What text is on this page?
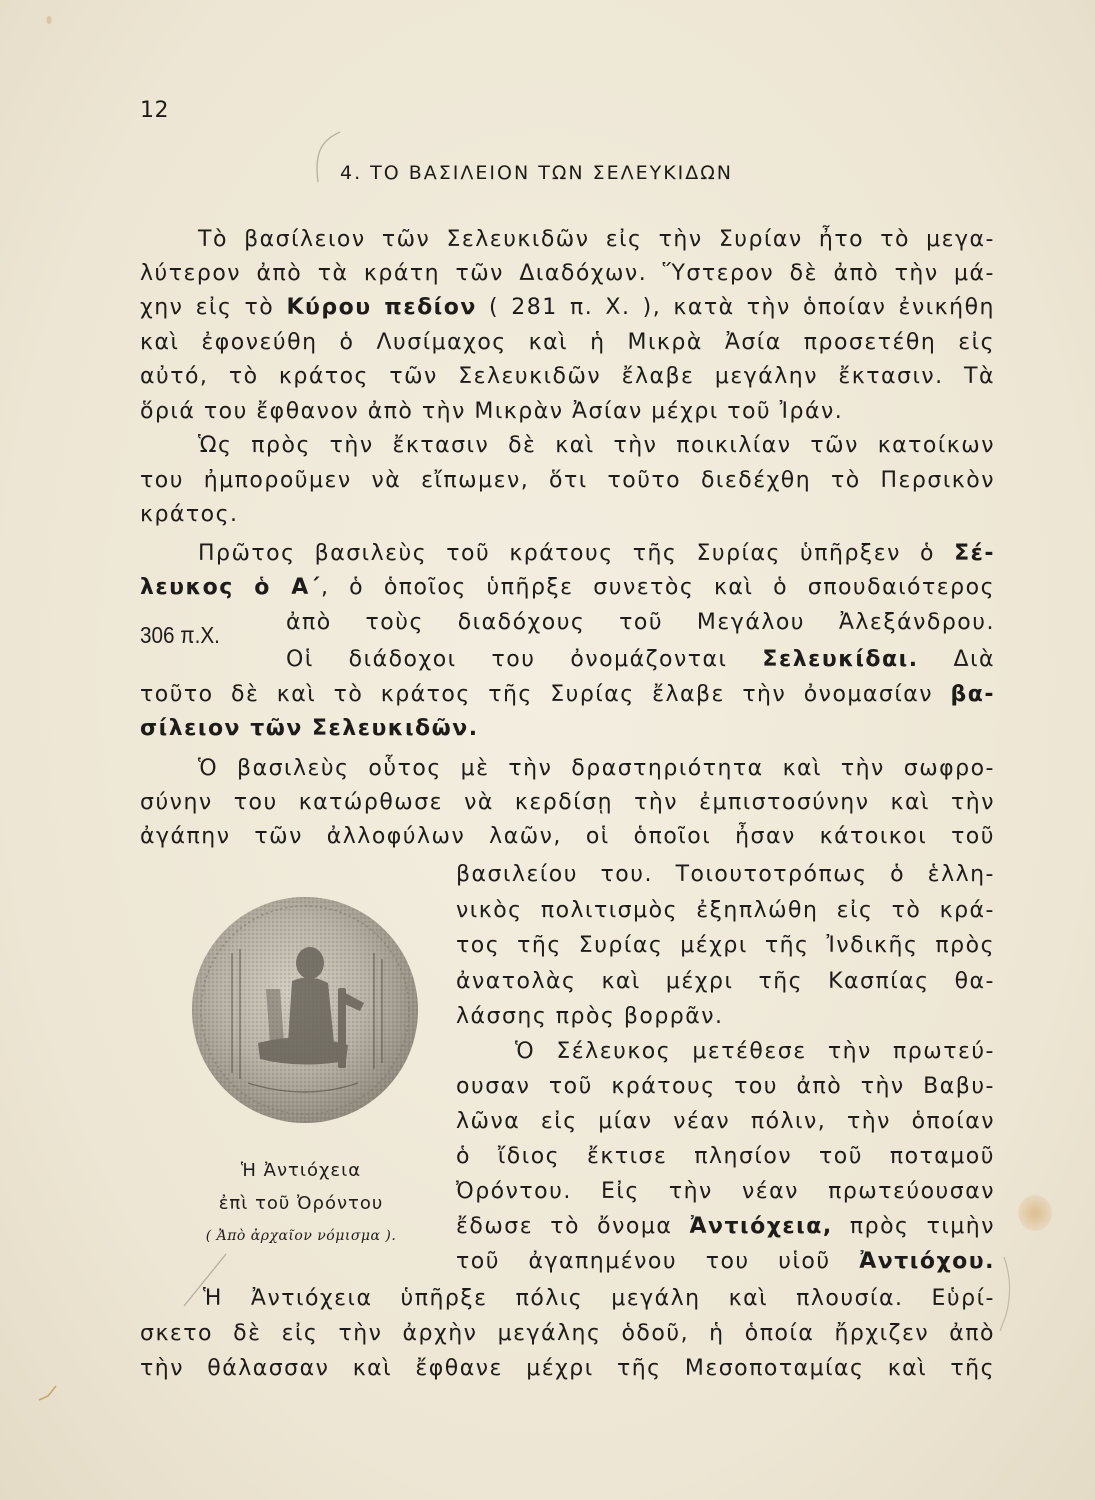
12
4. ΤΟ ΒΑΣΙΛΕΙΟΝ ΤΩΝ ΣΕΛΕΥΚΙΔΩΝ
Τὸ βασίλειον τῶν Σελευκιδῶν εἰς τὴν Συρίαν ἦτο τὸ μεγα-
λύτερον ἀπὸ τὰ κράτη τῶν Διαδόχων. Ὕστερον δὲ ἀπὸ τὴν μά-
χην εἰς τὸ Κύρου πεδίον ( 281 π. Χ. ), κατὰ τὴν ὁποίαν ἐνικήθη
καὶ ἐφονεύθη ὁ Λυσίμαχος καὶ ἡ Μικρὰ Ἀσία προσετέθη εἰς
αὐτό, τὸ κράτος τῶν Σελευκιδῶν ἔλαβε μεγάλην ἔκτασιν. Τὰ
ὅριά του ἔφθανον ἀπὸ τὴν Μικρὰν Ἀσίαν μέχρι τοῦ Ἰράν.
Ὡς πρὸς τὴν ἔκτασιν δὲ καὶ τὴν ποικιλίαν τῶν κατοίκων
του ἠμποροῦμεν νὰ εἴπωμεν, ὅτι τοῦτο διεδέχθη τὸ Περσικὸν
κράτος.
Πρῶτος βασιλεὺς τοῦ κράτους τῆς Συρίας ὑπῆρξεν ὁ Σέ-
λευκος ὁ Α΄, ὁ ὁποῖος ὑπῆρξε συνετὸς καὶ ὁ σπουδαιότερος
306 π.Χ.	ἀπὸ τοὺς διαδόχους τοῦ Μεγάλου Ἀλεξάνδρου.
Οἱ διάδοχοι του ὀνομάζονται Σελευκίδαι. Διὰ
τοῦτο δὲ καὶ τὸ κράτος τῆς Συρίας ἔλαβε τὴν ὀνομασίαν βα-
σίλειον τῶν Σελευκιδῶν.
Ὁ βασιλεὺς οὗτος μὲ τὴν δραστηριότητα καὶ τὴν σωφρο-
σύνην του κατώρθωσε νὰ κερδίσῃ τὴν ἐμπιστοσύνην καὶ τὴν
ἀγάπην τῶν ἀλλοφύλων λαῶν, οἱ ὁποῖοι ἦσαν κάτοικοι τοῦ
βασιλείου του. Τοιουτοτρόπως ὁ ἑλλη-
νικὸς πολιτισμὸς ἐξηπλώθη εἰς τὸ κρά-
τος τῆς Συρίας μέχρι τῆς Ἰνδικῆς πρὸς
ἀνατολὰς καὶ μέχρι τῆς Κασπίας θα-
λάσσης πρὸς βορρᾶν.
Ὁ Σέλευκος μετέθεσε τὴν πρωτεύ-
ουσαν τοῦ κράτους του ἀπὸ τὴν Βαβυ-
λῶνα εἰς μίαν νέαν πόλιν, τὴν ὁποίαν
ὁ ἴδιος ἔκτισε πλησίον τοῦ ποταμοῦ
Ὀρόντου. Εἰς τὴν νέαν πρωτεύουσαν
ἔδωσε τὸ ὄνομα Ἀντιόχεια, πρὸς τιμὴν
τοῦ ἀγαπημένου του υἱοῦ Ἀντιόχου.
Ἡ Ἀντιόχεια ὑπῆρξε πόλις μεγάλη καὶ πλουσία. Εὑρί-
σκετο δὲ εἰς τὴν ἀρχὴν μεγάλης ὁδοῦ, ἡ ὁποία ἤρχιζεν ἀπὸ
τὴν θάλασσαν καὶ ἔφθανε μέχρι τῆς Μεσοποταμίας καὶ τῆς
Ἡ Ἀντιόχεια
ἐπὶ τοῦ Ὀρόντου
( Ἀπὸ ἀρχαῖον νόμισμα ).
